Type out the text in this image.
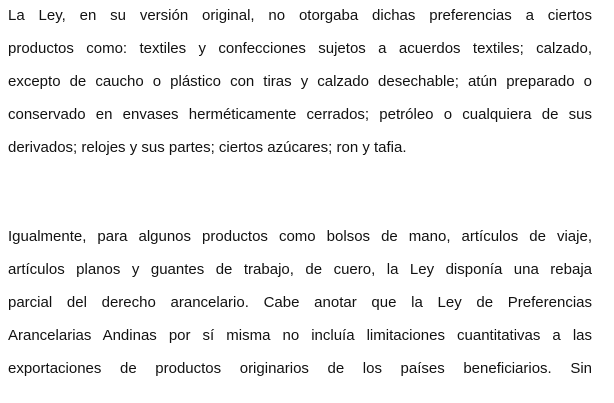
La Ley, en su versión original, no otorgaba dichas preferencias a ciertos
productos como: textiles y confecciones sujetos a acuerdos textiles; calzado,
excepto de caucho o plástico con tiras y calzado desechable; atún preparado o
conservado en envases herméticamente cerrados; petróleo o cualquiera de sus
derivados; relojes y sus partes; ciertos azúcares; ron y tafia.
Igualmente, para algunos productos como bolsos de mano, artículos de viaje,
artículos planos y guantes de trabajo, de cuero, la Ley disponía una rebaja
parcial del derecho arancelario. Cabe anotar que la Ley de Preferencias
Arancelarias Andinas por sí misma no incluía limitaciones cuantitativas a las
exportaciones de productos originarios de los países beneficiarios. Sin
